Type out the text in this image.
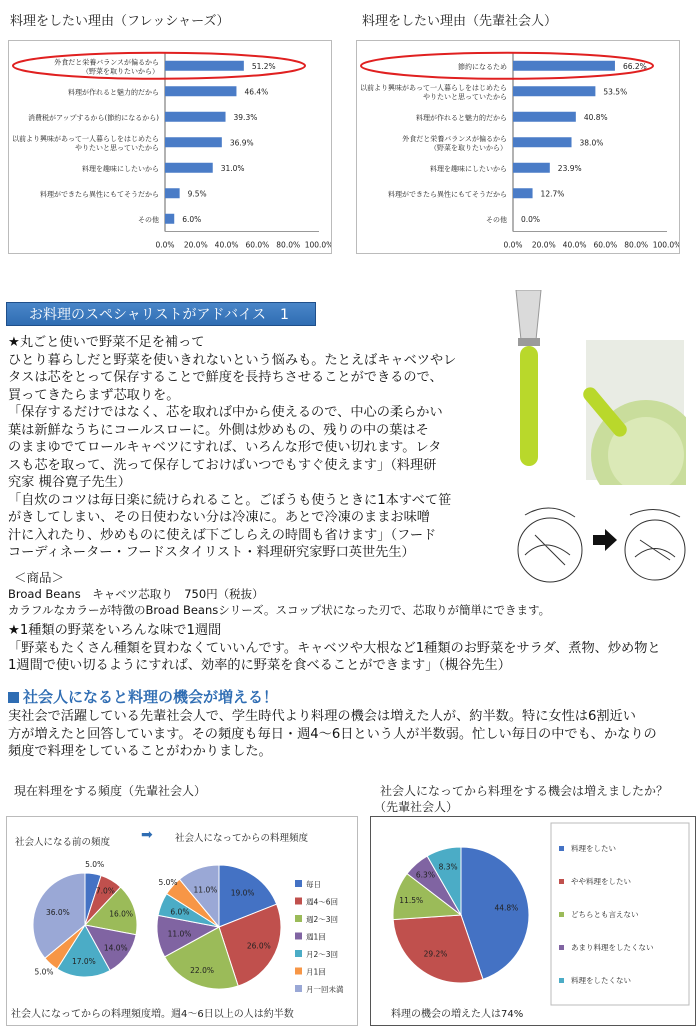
料理をしたい理由（フレッシャーズ）
0.0% 20.0% 40.0% 60.0% 80.0% 100.0%
外食だと栄養バランスが偏るから
（野菜を取りたいから）
51.2%
料理が作れると魅力的だから	46.4%
消費税がアップするから(節約になるから)	39.3%
以前より興味があって一人暮らしをはじめたら
やりたいと思っていたから
36.9%
料理を趣味にしたいから	31.0%
料理ができたら異性にもてそうだから	9.5%
その他	6.0%
料理をしたい理由（先輩社会人）
0.0% 20.0% 40.0% 60.0% 80.0% 100.0%
節約になるため	66.2%
以前より興味があって一人暮らしをはじめたら
やりたいと思っていたから
53.5%
料理が作れると魅力的だから	40.8%
外食だと栄養バランスが偏るから
（野菜を取りたいから）
38.0%
料理を趣味にしたいから	23.9%
料理ができたら異性にもてそうだから	12.7%
その他 0.0%
お料理のスペシャリストがアドバイス　1
★丸ごと使いで野菜不足を補って
ひとり暮らしだと野菜を使いきれないという悩みも。たとえばキャベツやレ
タスは芯をとって保存することで鮮度を長持ちさせることができるので、
買ってきたらまず芯取りを。
「保存するだけではなく、芯を取れば中から使えるので、中心の柔らかい
葉は新鮮なうちにコールスローに。外側は炒めもの、残りの中の葉はそ
のままゆでてロールキャベツにすれば、いろんな形で使い切れます。レタ
スも芯を取って、洗って保存しておけばいつでもすぐ使えます」（料理研
究家 槻谷寛子先生）
「自炊のコツは毎日楽に続けられること。ごぼうも使うときに1本すべて笹
がきしてしまい、その日使わない分は冷凍に。あとで冷凍のままお味噌
汁に入れたり、炒めものに使えば下ごしらえの時間も省けます」（フード
コーディネーター・フードスタイリスト・料理研究家野口英世先生）
＜商品＞
Broad Beans　キャベツ芯取り　750円（税抜）
カラフルなカラーが特徴のBroad Beansシリーズ。スコップ状になった刃で、芯取りが簡単にできます。
★1種類の野菜をいろんな味で1週間
「野菜もたくさん種類を買わなくていいんです。キャベツや大根など1種類のお野菜をサラダ、煮物、炒め物と
1週間で使い切るようにすれば、効率的に野菜を食べることができます」（槻谷先生）
社会人になると料理の機会が増える！
実社会で活躍している先輩社会人で、学生時代より料理の機会は増えた人が、約半数。特に女性は6割近い
方が増えたと回答しています。その頻度も毎日・週4～6日という人が半数弱。忙しい毎日の中でも、かなりの
頻度で料理をしていることがわかりました。
現在料理をする頻度（先輩社会人）
社会人になる前の頻度 ➡ 社会人になってからの料理頻度
5.0%
7.0%
16.0%
14.0%
17.0%
5.0%
36.0%
19.0%
26.0%
22.0%
11.0%
6.0%
5.0%
11.0%
毎日
週4～6回
週2～3回
週1回
月2～3回
月1回
月一回未満
社会人になってからの料理頻度増。週4～6日以上の人は約半数
社会人になってから料理をする機会は増えましたか？
（先輩社会人）
44.8%
29.2%
11.5%
6.3%
8.3%
料理をしたい
やや料理をしたい
どちらとも言えない
あまり料理をしたくない
料理をしたくない
料理の機会の増えた人は74%
